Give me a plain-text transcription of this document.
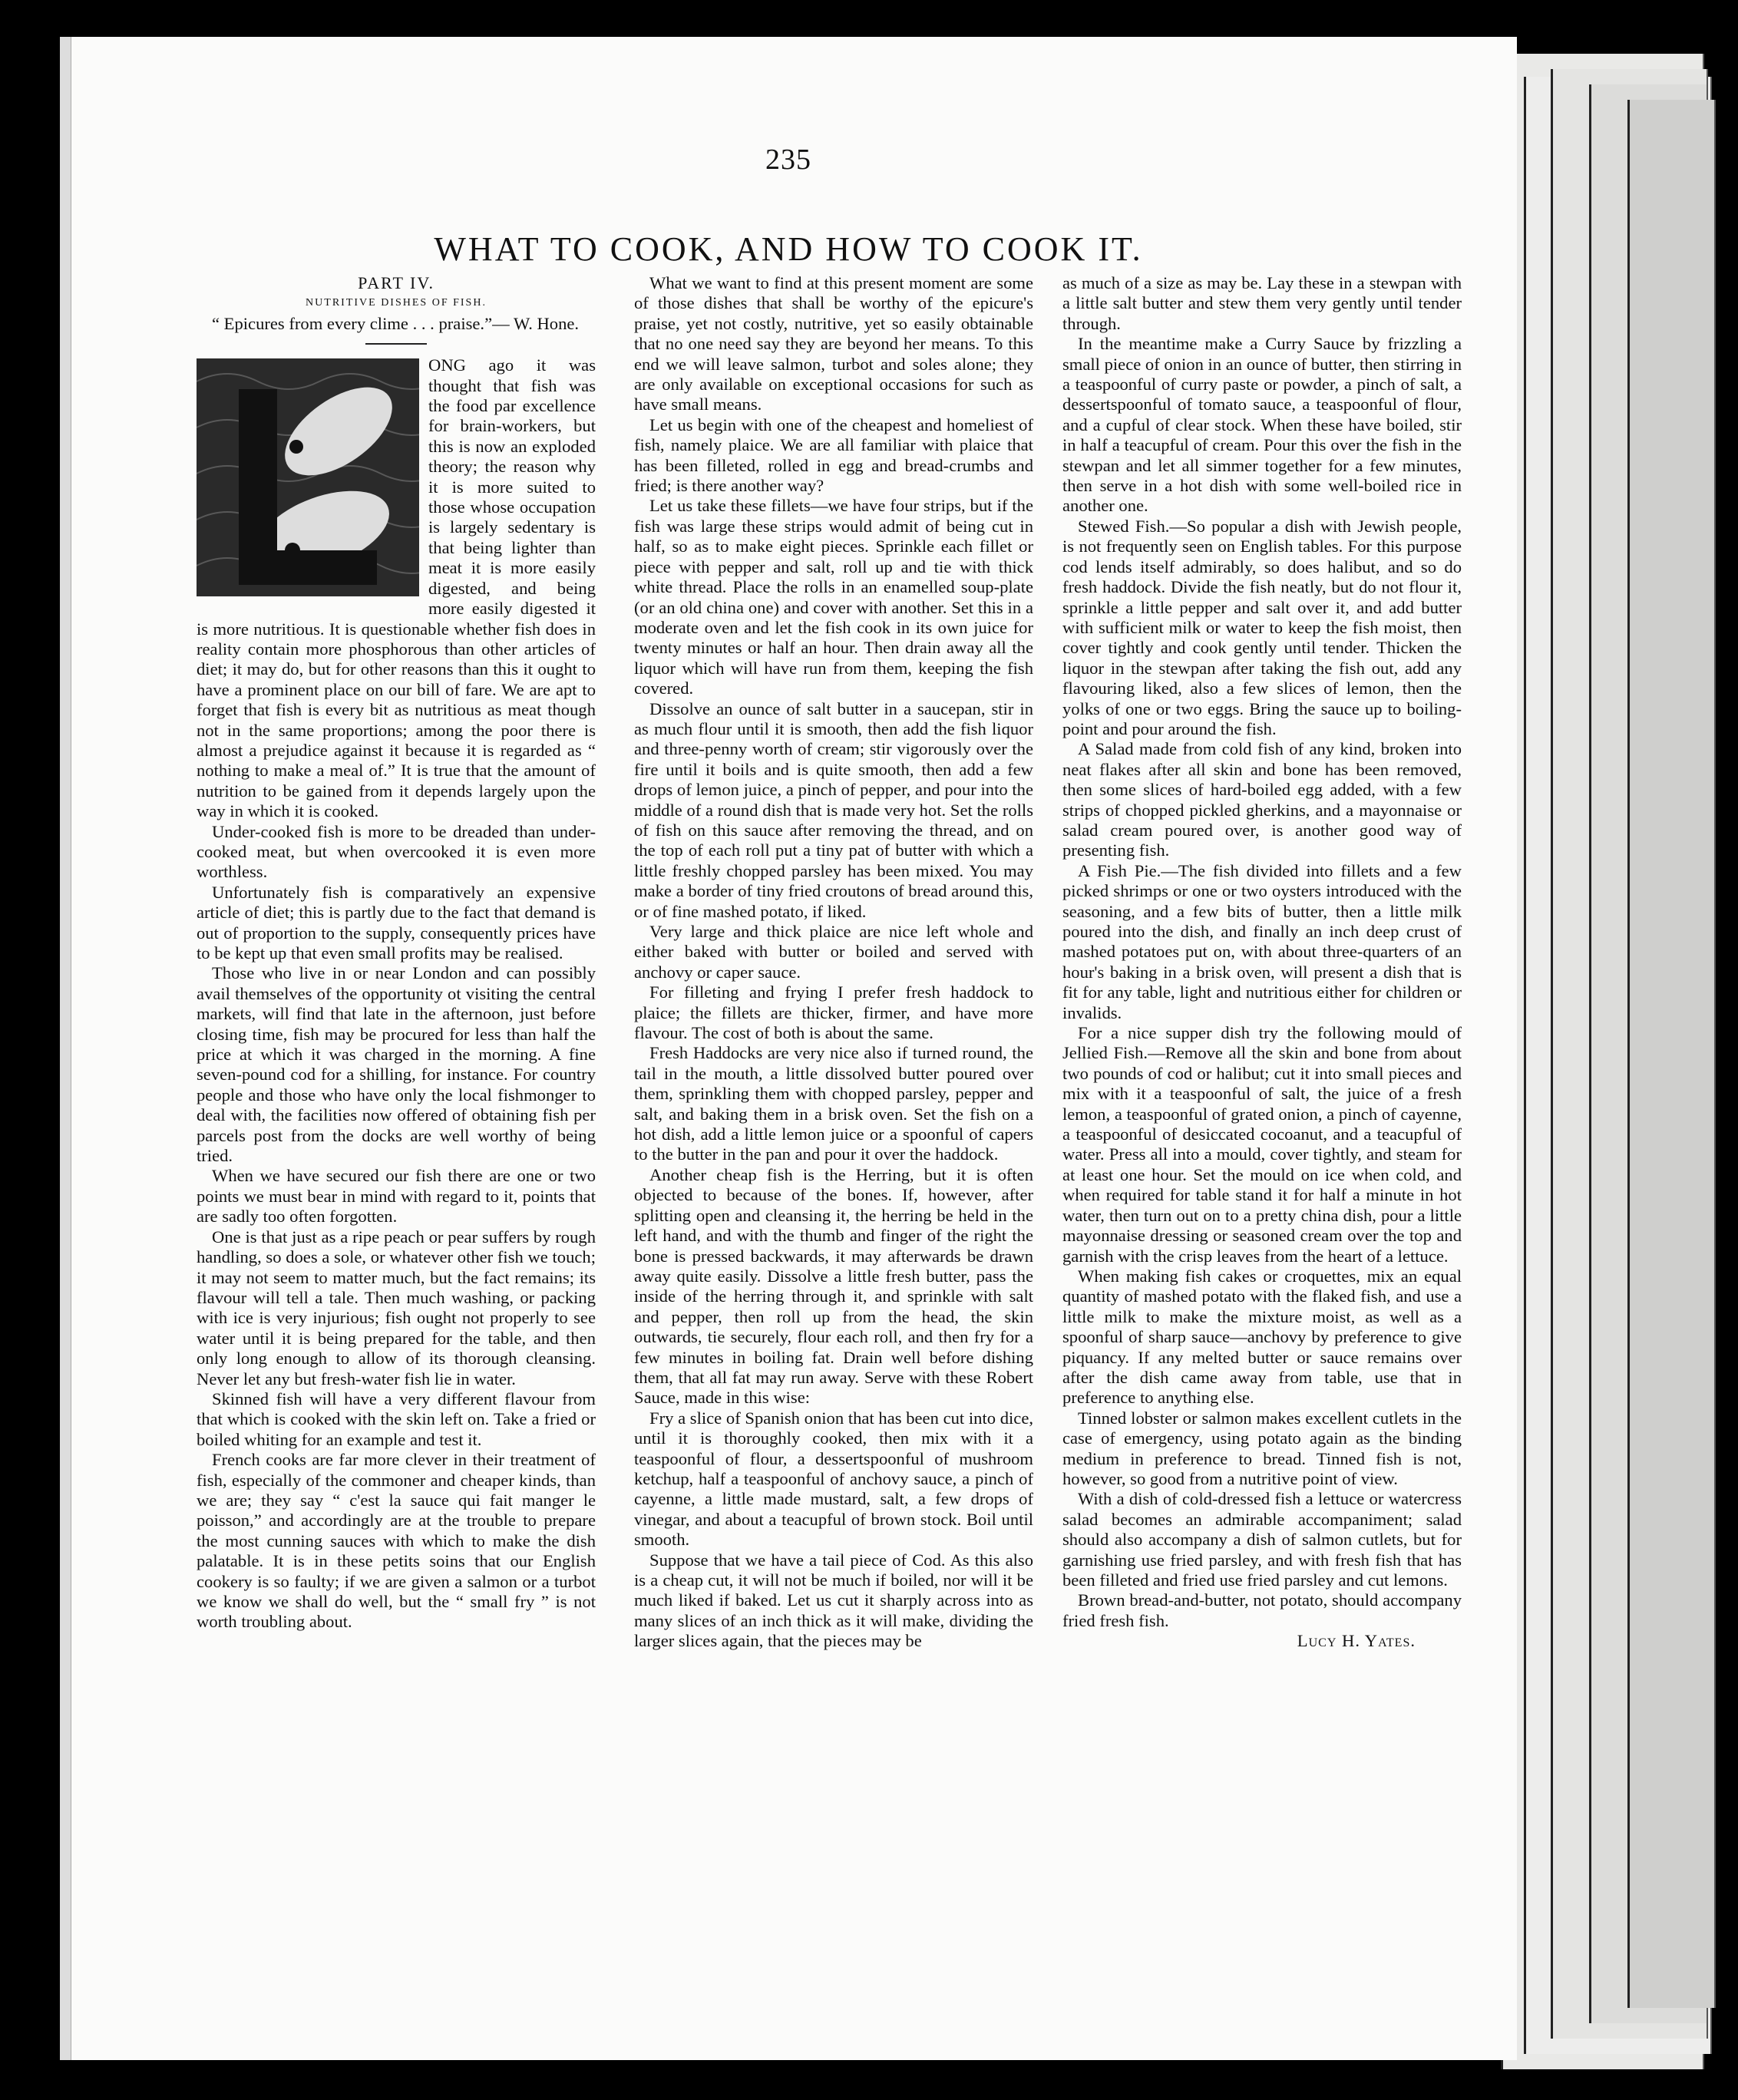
235
WHAT TO COOK, AND HOW TO COOK IT.

PART IV.

NUTRITIVE DISHES OF FISH.

“ Epicures from every clime . . . praise.”— W. Hone.

ONG ago it was thought that fish was the food par excellence for brain-workers, but this is now an exploded theory; the reason why it is more suited to those whose occupation is largely sedentary is that being lighter than meat it is more easily digested, and being more easily digested it is more nutritious. It is questionable whether fish does in reality contain more phosphorous than other articles of diet; it may do, but for other reasons than this it ought to have a prominent place on our bill of fare. We are apt to forget that fish is every bit as nutritious as meat though not in the same proportions; among the poor there is almost a prejudice against it because it is regarded as “ nothing to make a meal of.” It is true that the amount of nutrition to be gained from it depends largely upon the way in which it is cooked.

Under-cooked fish is more to be dreaded than under-cooked meat, but when overcooked it is even more worthless.

Unfortunately fish is comparatively an expensive article of diet; this is partly due to the fact that demand is out of proportion to the supply, consequently prices have to be kept up that even small profits may be realised.

Those who live in or near London and can possibly avail themselves of the opportunity ot visiting the central markets, will find that late in the afternoon, just before closing time, fish may be procured for less than half the price at which it was charged in the morning. A fine seven-pound cod for a shilling, for instance. For country people and those who have only the local fishmonger to deal with, the facilities now offered of obtaining fish per parcels post from the docks are well worthy of being tried.

When we have secured our fish there are one or two points we must bear in mind with regard to it, points that are sadly too often forgotten.

One is that just as a ripe peach or pear suffers by rough handling, so does a sole, or whatever other fish we touch; it may not seem to matter much, but the fact remains; its flavour will tell a tale. Then much washing, or packing with ice is very injurious; fish ought not properly to see water until it is being prepared for the table, and then only long enough to allow of its thorough cleansing. Never let any but fresh-water fish lie in water.

Skinned fish will have a very different flavour from that which is cooked with the skin left on. Take a fried or boiled whiting for an example and test it.

French cooks are far more clever in their treatment of fish, especially of the commoner and cheaper kinds, than we are; they say “ c'est la sauce qui fait manger le poisson,” and accordingly are at the trouble to prepare the most cunning sauces with which to make the dish palatable. It is in these petits soins that our English cookery is so faulty; if we are given a salmon or a turbot we know we shall do well, but the “ small fry ” is not worth troubling about.

What we want to find at this present moment are some of those dishes that shall be worthy of the epicure's praise, yet not costly, nutritive, yet so easily obtainable that no one need say they are beyond her means. To this end we will leave salmon, turbot and soles alone; they are only available on exceptional occasions for such as have small means.

Let us begin with one of the cheapest and homeliest of fish, namely plaice. We are all familiar with plaice that has been filleted, rolled in egg and bread-crumbs and fried; is there another way?

Let us take these fillets—we have four strips, but if the fish was large these strips would admit of being cut in half, so as to make eight pieces. Sprinkle each fillet or piece with pepper and salt, roll up and tie with thick white thread. Place the rolls in an enamelled soup-plate (or an old china one) and cover with another. Set this in a moderate oven and let the fish cook in its own juice for twenty minutes or half an hour. Then drain away all the liquor which will have run from them, keeping the fish covered.

Dissolve an ounce of salt butter in a saucepan, stir in as much flour until it is smooth, then add the fish liquor and three-penny worth of cream; stir vigorously over the fire until it boils and is quite smooth, then add a few drops of lemon juice, a pinch of pepper, and pour into the middle of a round dish that is made very hot. Set the rolls of fish on this sauce after removing the thread, and on the top of each roll put a tiny pat of butter with which a little freshly chopped parsley has been mixed. You may make a border of tiny fried croutons of bread around this, or of fine mashed potato, if liked.

Very large and thick plaice are nice left whole and either baked with butter or boiled and served with anchovy or caper sauce.

For filleting and frying I prefer fresh haddock to plaice; the fillets are thicker, firmer, and have more flavour. The cost of both is about the same.

Fresh Haddocks are very nice also if turned round, the tail in the mouth, a little dissolved butter poured over them, sprinkling them with chopped parsley, pepper and salt, and baking them in a brisk oven. Set the fish on a hot dish, add a little lemon juice or a spoonful of capers to the butter in the pan and pour it over the haddock.

Another cheap fish is the Herring, but it is often objected to because of the bones. If, however, after splitting open and cleansing it, the herring be held in the left hand, and with the thumb and finger of the right the bone is pressed backwards, it may afterwards be drawn away quite easily. Dissolve a little fresh butter, pass the inside of the herring through it, and sprinkle with salt and pepper, then roll up from the head, the skin outwards, tie securely, flour each roll, and then fry for a few minutes in boiling fat. Drain well before dishing them, that all fat may run away. Serve with these Robert Sauce, made in this wise:

Fry a slice of Spanish onion that has been cut into dice, until it is thoroughly cooked, then mix with it a teaspoonful of flour, a dessertspoonful of mushroom ketchup, half a teaspoonful of anchovy sauce, a pinch of cayenne, a little made mustard, salt, a few drops of vinegar, and about a teacupful of brown stock. Boil until smooth.

Suppose that we have a tail piece of Cod. As this also is a cheap cut, it will not be much if boiled, nor will it be much liked if baked. Let us cut it sharply across into as many slices of an inch thick as it will make, dividing the larger slices again, that the pieces may be

as much of a size as may be. Lay these in a stewpan with a little salt butter and stew them very gently until tender through.

In the meantime make a Curry Sauce by frizzling a small piece of onion in an ounce of butter, then stirring in a teaspoonful of curry paste or powder, a pinch of salt, a dessertspoonful of tomato sauce, a teaspoonful of flour, and a cupful of clear stock. When these have boiled, stir in half a teacupful of cream. Pour this over the fish in the stewpan and let all simmer together for a few minutes, then serve in a hot dish with some well-boiled rice in another one.

Stewed Fish.—So popular a dish with Jewish people, is not frequently seen on English tables. For this purpose cod lends itself admirably, so does halibut, and so do fresh haddock. Divide the fish neatly, but do not flour it, sprinkle a little pepper and salt over it, and add butter with sufficient milk or water to keep the fish moist, then cover tightly and cook gently until tender. Thicken the liquor in the stewpan after taking the fish out, add any flavouring liked, also a few slices of lemon, then the yolks of one or two eggs. Bring the sauce up to boiling-point and pour around the fish.

A Salad made from cold fish of any kind, broken into neat flakes after all skin and bone has been removed, then some slices of hard-boiled egg added, with a few strips of chopped pickled gherkins, and a mayonnaise or salad cream poured over, is another good way of presenting fish.

A Fish Pie.—The fish divided into fillets and a few picked shrimps or one or two oysters introduced with the seasoning, and a few bits of butter, then a little milk poured into the dish, and finally an inch deep crust of mashed potatoes put on, with about three-quarters of an hour's baking in a brisk oven, will present a dish that is fit for any table, light and nutritious either for children or invalids.

For a nice supper dish try the following mould of Jellied Fish.—Remove all the skin and bone from about two pounds of cod or halibut; cut it into small pieces and mix with it a teaspoonful of salt, the juice of a fresh lemon, a teaspoonful of grated onion, a pinch of cayenne, a teaspoonful of desiccated cocoanut, and a teacupful of water. Press all into a mould, cover tightly, and steam for at least one hour. Set the mould on ice when cold, and when required for table stand it for half a minute in hot water, then turn out on to a pretty china dish, pour a little mayonnaise dressing or seasoned cream over the top and garnish with the crisp leaves from the heart of a lettuce.

When making fish cakes or croquettes, mix an equal quantity of mashed potato with the flaked fish, and use a little milk to make the mixture moist, as well as a spoonful of sharp sauce—anchovy by preference to give piquancy. If any melted butter or sauce remains over after the dish came away from table, use that in preference to anything else.

Tinned lobster or salmon makes excellent cutlets in the case of emergency, using potato again as the binding medium in preference to bread. Tinned fish is not, however, so good from a nutritive point of view.

With a dish of cold-dressed fish a lettuce or watercress salad becomes an admirable accompaniment; salad should also accompany a dish of salmon cutlets, but for garnishing use fried parsley, and with fresh fish that has been filleted and fried use fried parsley and cut lemons.

Brown bread-and-butter, not potato, should accompany fried fresh fish.

Lucy H. Yates.
